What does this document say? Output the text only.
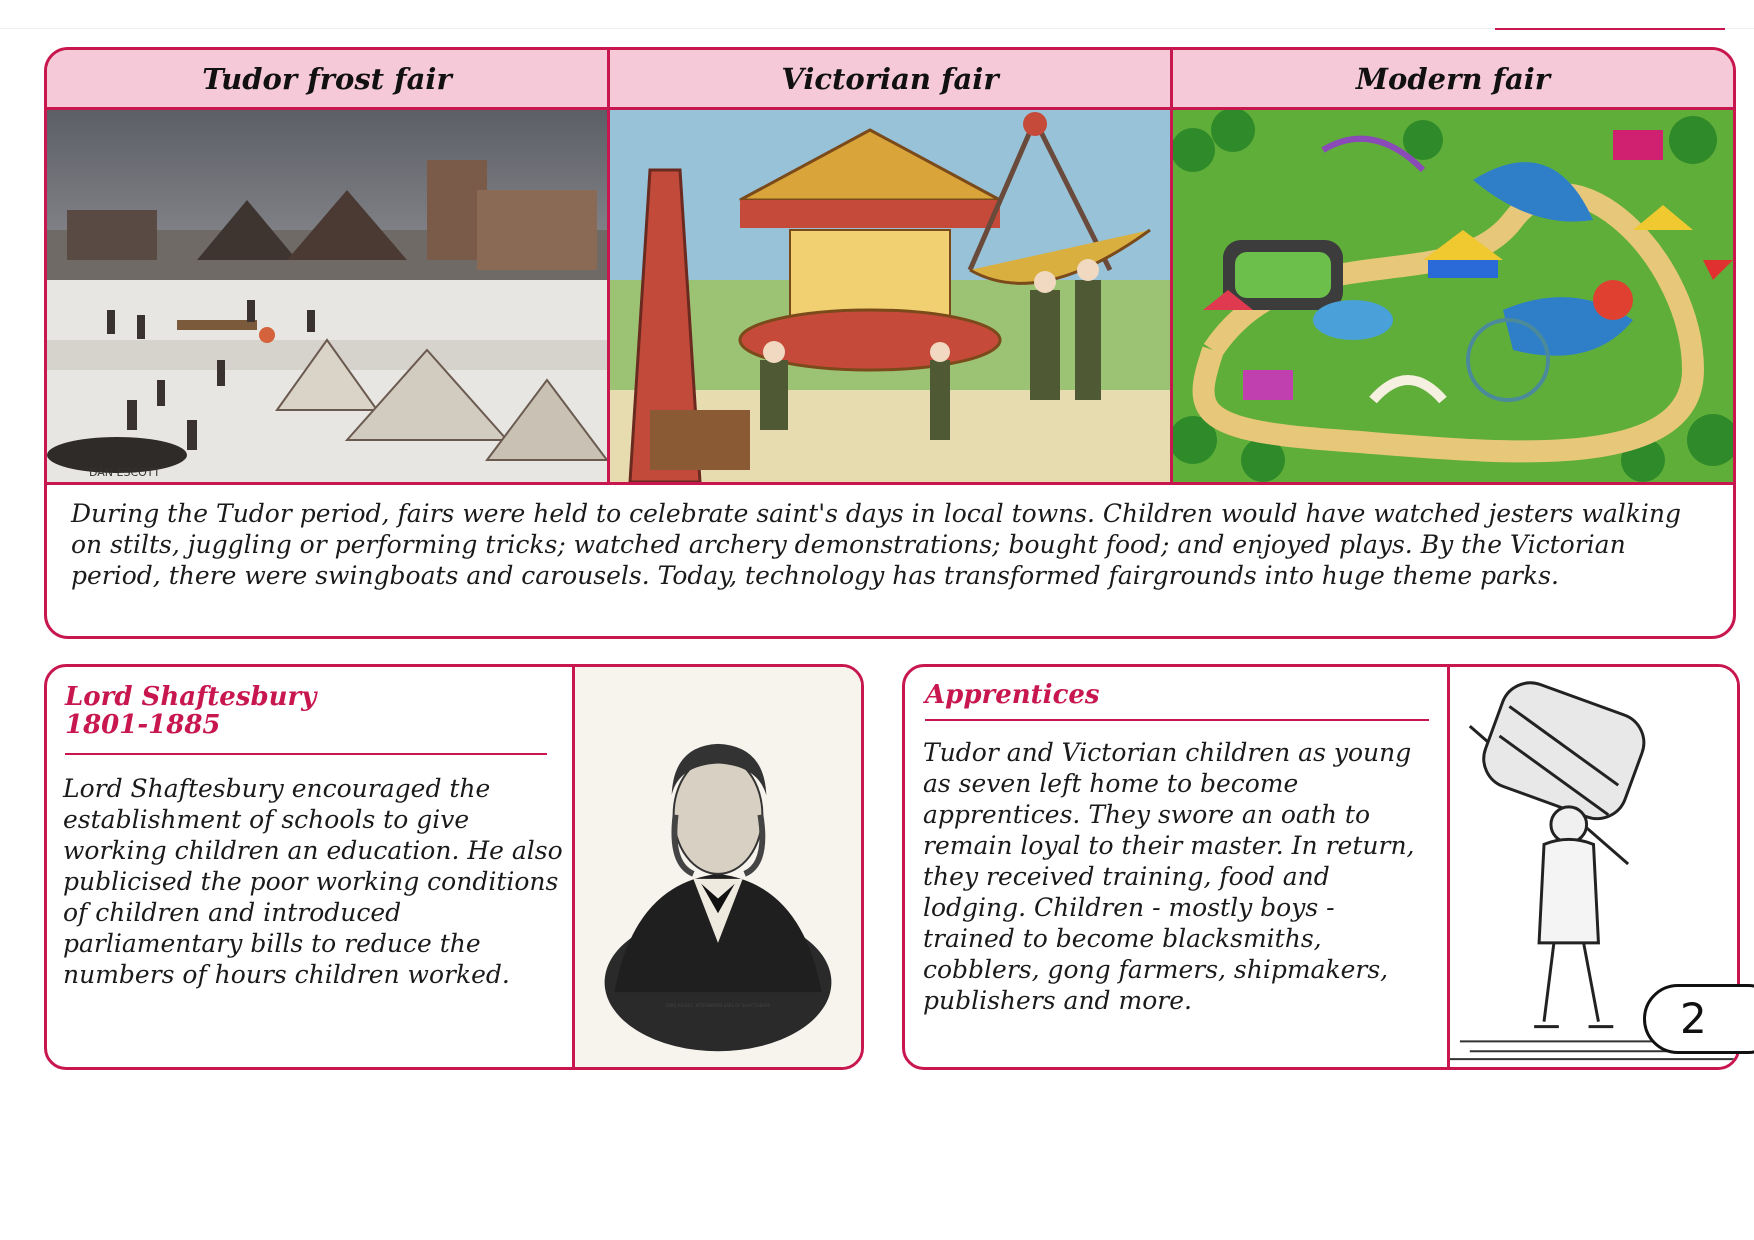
Tudor frost fair	Victorian fair	Modern fair
DAN ESCOTT

During the Tudor period, fairs were held to celebrate saint's days in local towns. Children would have watched jesters walking on stilts, juggling or performing tricks; watched archery demonstrations; bought food; and enjoyed plays. By the Victorian period, there were swingboats and carousels. Today, technology has transformed fairgrounds into huge theme parks.

Lord Shaftesbury
1801-1885

Lord Shaftesbury encouraged the establishment of schools to give working children an education. He also publicised the poor working conditions of children and introduced parliamentary bills to reduce the numbers of hours children worked.

LORD ASHLEY, AFTERWARDS EARL OF SHAFTESBURY.
Apprentices

Tudor and Victorian children as young as seven left home to become apprentices. They swore an oath to remain loyal to their master. In return, they received training, food and lodging. Children - mostly boys - trained to become blacksmiths, cobblers, gong farmers, shipmakers, publishers and more.	2
